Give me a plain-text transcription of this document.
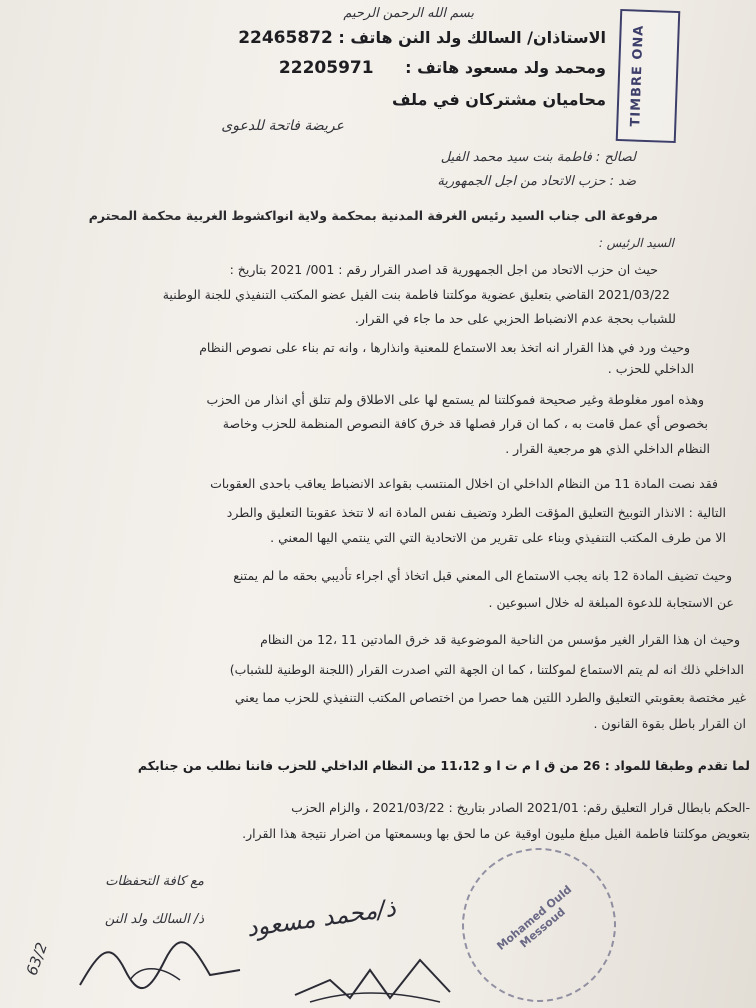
بسم الله الرحمن الرحيم
الاستاذان/ السالك ولد النن هاتف : 22465872
ومحمد ولد مسعود هاتف : 22205971
محاميان مشتركان في ملف
عريضة فاتحة للدعوى
لصالح : فاطمة بنت سيد محمد الفيل
ضد : حزب الاتحاد من اجل الجمهورية
مرفوعة الى جناب السيد رئيس الغرفة المدنية بمحكمة ولاية انواكشوط الغربية محكمة المحترم
السيد الرئيس :
حيث ان حزب الاتحاد من اجل الجمهورية قد اصدر القرار رقم : 001/ 2021 بتاريخ :
2021/03/22 القاضي بتعليق عضوية موكلتنا فاطمة بنت الفيل عضو المكتب التنفيذي للجنة الوطنية
للشباب بحجة عدم الانضباط الحزبي على حد ما جاء في القرار.
وحيث ورد في هذا القرار انه اتخذ بعد الاستماع للمعنية وانذارها ، وانه تم بناء على نصوص النظام
الداخلي للحزب .
وهذه امور مغلوطة وغير صحيحة فموكلتنا لم يستمع لها على الاطلاق ولم تتلق أي انذار من الحزب
بخصوص أي عمل قامت به ، كما ان قرار فصلها قد خرق كافة النصوص المنظمة للحزب وخاصة
النظام الداخلي الذي هو مرجعية القرار .
فقد نصت المادة 11 من النظام الداخلي ان اخلال المنتسب بقواعد الانضباط يعاقب باحدى العقوبات
التالية : الانذار التوبيخ التعليق المؤقت الطرد وتضيف نفس المادة انه لا تتخذ عقوبتا التعليق والطرد
الا من طرف المكتب التنفيذي وبناء على تقرير من الاتحادية التي التي ينتمي اليها المعني .
وحيث تضيف المادة 12 بانه يجب الاستماع الى المعني قبل اتخاذ أي اجراء تأديبي بحقه ما لم يمتنع
عن الاستجابة للدعوة المبلغة له خلال اسبوعين .
وحيث ان هذا القرار الغير مؤسس من الناحية الموضوعية قد خرق المادتين 11 ،12 من النظام
الداخلي ذلك انه لم يتم الاستماع لموكلتنا ، كما ان الجهة التي اصدرت القرار (اللجنة الوطنية للشباب)
غير مختصة بعقوبتي التعليق والطرد اللتين هما حصرا من اختصاص المكتب التنفيذي للحزب مما يعني
ان القرار باطل بقوة القانون .
لما تقدم وطبقا للمواد : 26 من ق ا م ت ا و 11،12 من النظام الداخلي للحزب فاننا نطلب من جنابكم
-الحكم بابطال قرار التعليق رقم: 2021/01 الصادر بتاريخ : 2021/03/22 ، والزام الحزب
بتعويض موكلتنا فاطمة الفيل مبلغ مليون اوقية عن ما لحق بها وبسمعتها من اضرار نتيجة هذا القرار.
مع كافة التحفظات
ذ/ السالك ولد النن
TIMBRE ONA
Mohamed Ould Messoud
ذ/محمد مسعود
63/2
